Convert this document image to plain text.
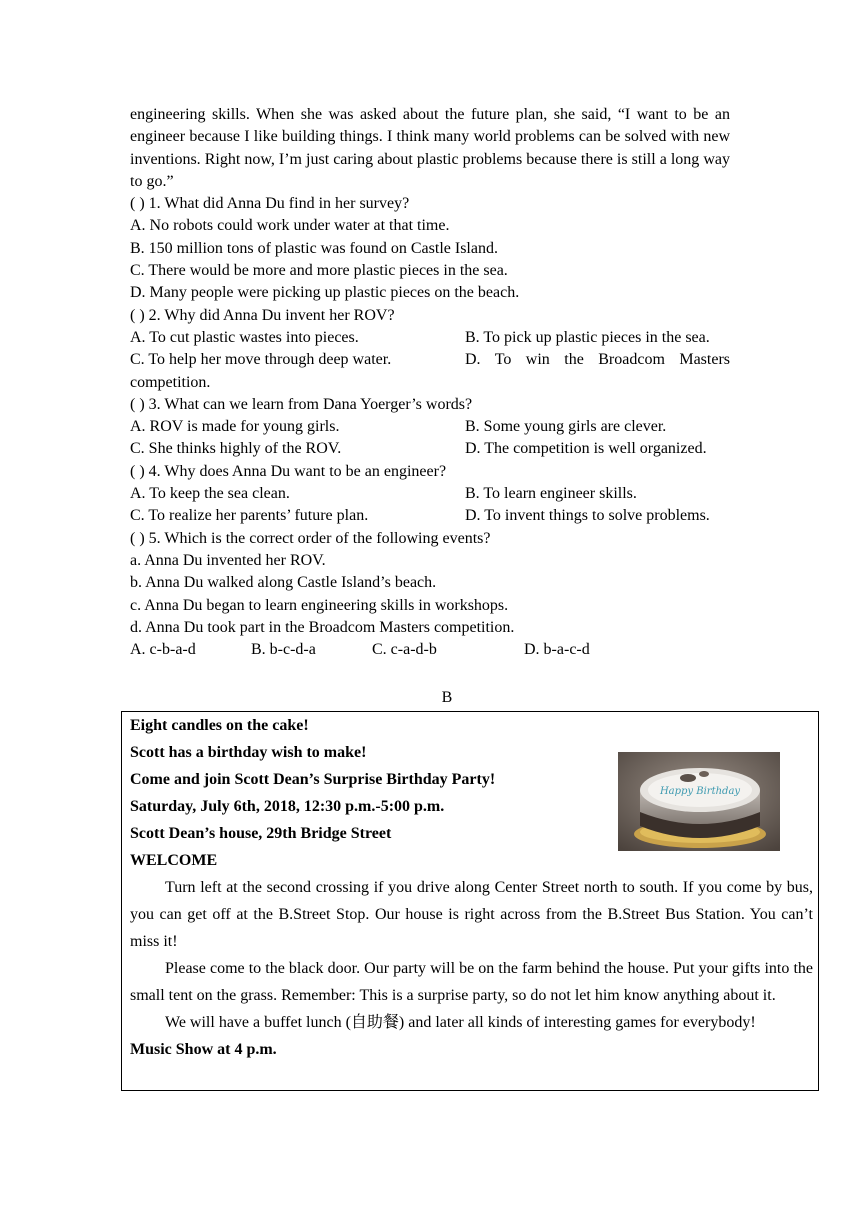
engineering skills. When she was asked about the future plan, she said, “I want to be an engineer because I like building things. I think many world problems can be solved with new inventions. Right now, I’m just caring about plastic problems because there is still a long way to go.”

( ) 1. What did Anna Du find in her survey?

A. No robots could work under water at that time.

B. 150 million tons of plastic was found on Castle Island.

C. There would be more and more plastic pieces in the sea.

D. Many people were picking up plastic pieces on the beach.

( ) 2. Why did Anna Du invent her ROV?

A. To cut plastic wastes into pieces.	B. To pick up plastic pieces in the sea.
C. To help her move through deep water.	D. To win the Broadcom Masters

competition.

( ) 3. What can we learn from Dana Yoerger’s words?

A. ROV is made for young girls.	B. Some young girls are clever.
C. She thinks highly of the ROV.	D. The competition is well organized.

( ) 4. Why does Anna Du want to be an engineer?

A. To keep the sea clean.	B. To learn engineer skills.
C. To realize her parents’ future plan.	D. To invent things to solve problems.

( ) 5. Which is the correct order of the following events?

a. Anna Du invented her ROV.

b. Anna Du walked along Castle Island’s beach.

c. Anna Du began to learn engineering skills in workshops.

d. Anna Du took part in the Broadcom Masters competition.

A. c-b-a-d	B. b-c-d-a	C. c-a-d-b	D. b-a-c-d
B

Eight candles on the cake!

Scott has a birthday wish to make!

Come and join Scott Dean’s Surprise Birthday Party!

Saturday, July 6th, 2018, 12:30 p.m.-5:00 p.m.

Scott Dean’s house, 29th Bridge Street

WELCOME

Turn left at the second crossing if you drive along Center Street north to south. If you come by bus, you can get off at the B.Street Stop. Our house is right across from the B.Street Bus Station. You can’t miss it!

Please come to the black door. Our party will be on the farm behind the house. Put your gifts into the small tent on the grass. Remember: This is a surprise party, so do not let him know anything about it.

We will have a buffet lunch (自助餐) and later all kinds of interesting games for everybody!

Music Show at 4 p.m.

Happy Birthday
